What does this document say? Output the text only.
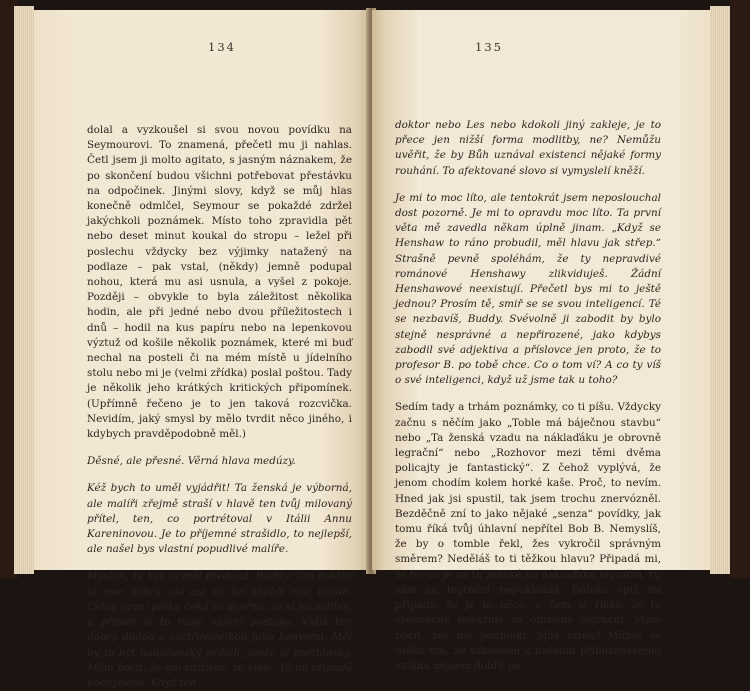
134

dolal a vyzkoušel si svou novou povídku na Seymourovi. To znamená, přečetl mu ji nahlas. Četl jsem ji molto agitato, s jasným náznakem, že po skončení budou všichni potřebovat přestávku na odpočinek. Jinými slovy, když se můj hlas konečně odmlčel, Seymour se pokaždé zdržel jakýchkoli poznámek. Místo toho zpravidla pět nebo deset minut koukal do stropu – ležel při poslechu vždycky bez výjimky natažený na podlaze – pak vstal, (někdy) jemně podupal nohou, která mu asi usnula, a vyšel z pokoje. Později – obvykle to byla záležitost několika hodin, ale při jedné nebo dvou příležitostech i dnů – hodil na kus papíru nebo na lepenkovou výztuž od košile několik poznámek, které mi buď nechal na posteli či na mém místě u jídelního stolu nebo mi je (velmi zřídka) poslal poštou. Tady je několik jeho krátkých kritických připomínek. (Upřímně řečeno je to jen taková rozcvička. Nevidím, jaký smysl by mělo tvrdit něco jiného, i kdybych pravděpodobně měl.)

Děsné, ale přesné. Věrná hlava medúzy.

Kéž bych to uměl vyjádřit! Ta ženská je výborná, ale malíři zřejmě straší v hlavě ten tvůj milovaný přítel, ten, co portrétoval v Itálii Annu Kareninovou. Je to příjemné strašidlo, to nejlepší, ale našel bys vlastní popudlivé malíře.

Myslím, že bys to měl předělat, Buddy. Ten doktor je moc dobrý, ale asi sis ho oblíbil moc pozdě. Celou první půlku čeká za dveřmi, až si ho oblíbíš, a přitom je to tvoje hlavní postava. Vidíš ten dobrý dialog s ošetřovatelkou jako konverzi. Měl by to být náboženský příběh, jenže je puritánský. Mám pocit, že mu zazlíváš, že kleje. To mi připadá pochybené. Když ten

135

doktor nebo Les nebo kdokoli jiný zakleje, je to přece jen nižší forma modlitby, ne? Nemůžu uvěřit, že by Bůh uznával existenci nějaké formy rouhání. To afektované slovo si vymyslelí kněží.

Je mi to moc líto, ale tentokrát jsem neposlouchal dost pozorně. Je mi to opravdu moc líto. Ta první věta mě zavedla někam úplně jinam. „Když se Henshaw to ráno probudil, měl hlavu jak střep.“ Strašně pevně spoléhám, že ty nepravdivé románové Henshawy zlikviduješ. Žádní Henshawové neexistují. Přečetl bys mi to ještě jednou? Prosím tě, smiř se se svou inteligencí. Té se nezbavíš, Buddy. Svévolně ji zabodit by bylo stejně nesprávné a nepřirozené, jako kdybys zabodil své adjektiva a příslovce jen proto, že to profesor B. po tobě chce. Co o tom ví? A co ty víš o své inteligenci, když už jsme tak u toho?

Sedím tady a trhám poznámky, co ti píšu. Vždycky začnu s něčím jako „Toble má báječnou stavbu“ nebo „Ta ženská vzadu na náklaďáku je obrovně legrační“ nebo „Rozhovor mezi těmi dvěma policajty je fantastický“. Z čehož vyplývá, že jenom chodím kolem horké kaše. Proč, to nevím. Hned jak jsi spustil, tak jsem trochu znervózněl. Bezděčně zní to jako nějaké „senza“ povídky, jak tomu říká tvůj úhlavní nepřítel Bob B. Nemyslíš, že by o tomble řekl, žes vykročil správným směrem? Neděláš to ti těžkou hlavu? Připadá mi, že to, co je na té ženské na náklaďáku legrační, ty, sám za legrační nepokládáš. Daleko spíš mi připadá, že je to něco, o čem si říkáš, že to všeobecně považuje za obrovně legrační. Mám pocit, žes mě podfoukl. Máš vztek? Můžeš se utěšit tím, že vzhledem k našemu příbuzenskému vztahu nejsem dobrý po-
